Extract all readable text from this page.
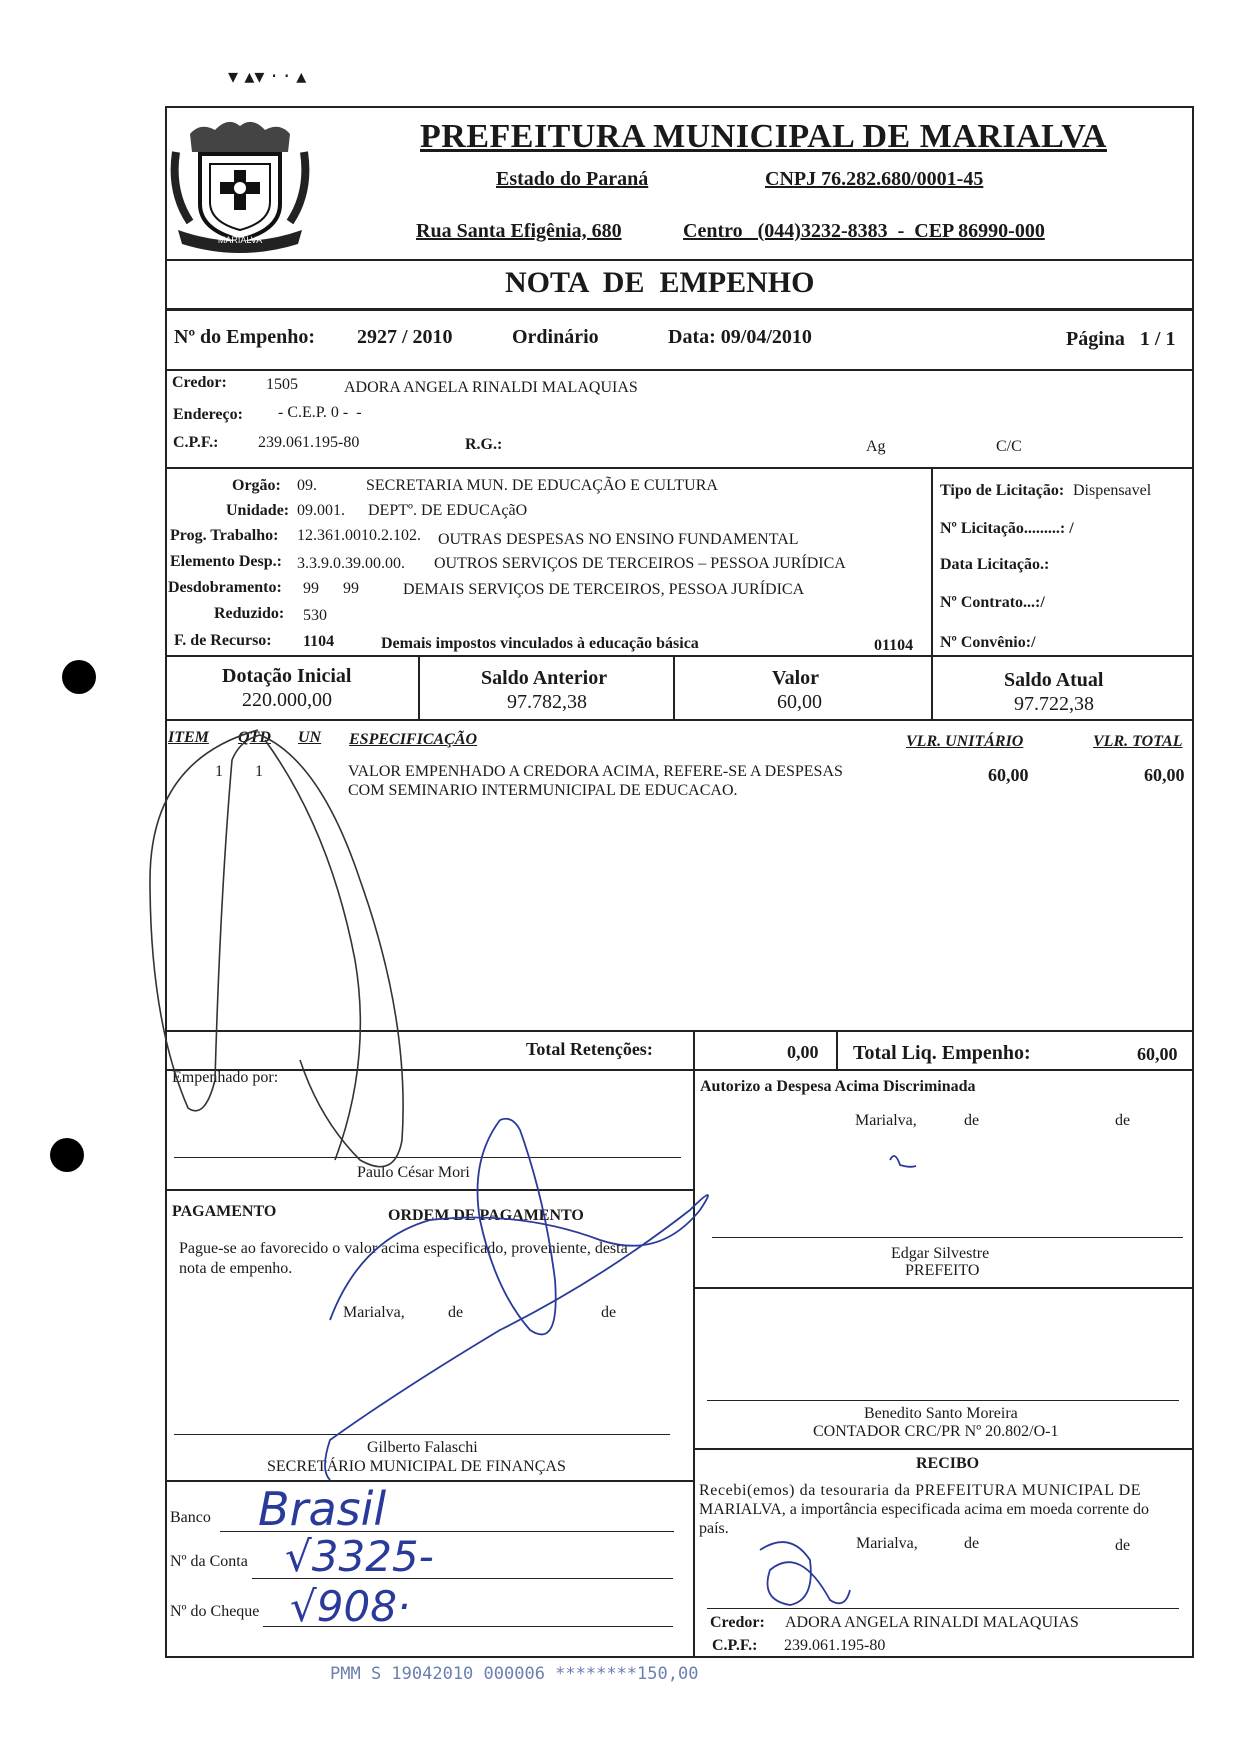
▾ ▴▾ · · ▴
MARIALVA
PREFEITURA MUNICIPAL DE MARIALVA
Estado do Paraná	CNPJ 76.282.680/0001-45
Rua Santa Efigênia, 680	Centro   (044)3232-8383  -  CEP 86990-000
NOTA  DE  EMPENHO
Nº do Empenho: 2927 / 2010	Ordinário	Data: 09/04/2010	Página   1 / 1
Credor: 1505	ADORA ANGELA RINALDI MALAQUIAS
Endereço: - C.E.P. 0 -  -
C.P.F.: 239.061.195-80	R.G.:	Ag	C/C
Orgão: 09.	SECRETARIA MUN. DE EDUCAÇÃO E CULTURA
Unidade: 09.001. DEPTº. DE EDUCAçãO
Prog. Trabalho: 12.361.0010.2.102. OUTRAS DESPESAS NO ENSINO FUNDAMENTAL
Elemento Desp.: 3.3.9.0.39.00.00. OUTROS SERVIÇOS DE TERCEIROS – PESSOA JURÍDICA
Desdobramento: 99      99	DEMAIS SERVIÇOS DE TERCEIROS, PESSOA JURÍDICA
Reduzido: 530
F. de Recurso: 1104	Demais impostos vinculados à educação básica	01104
Tipo de Licitação: Dispensavel
Nº Licitação.........: /
Data Licitação.:
Nº Contrato...:/
Nº Convênio:/
Dotação Inicial
220.000,00
Saldo Anterior
97.782,38
Valor
60,00
Saldo Atual
97.722,38
ITEM QTD UN ESPECIFICAÇÃO	VLR. UNITÁRIO	VLR. TOTAL
1 1	VALOR EMPENHADO A CREDORA ACIMA, REFERE-SE A DESPESAS
COM SEMINARIO INTERMUNICIPAL DE EDUCACAO.
60,00	60,00
Total Retenções:	0,00 Total Liq. Empenho:	60,00
Empenhado por:
Paulo César Mori
Autorizo a Despesa Acima Discriminada
Marialva,	de	de
Edgar Silvestre
PREFEITO
PAGAMENTO	ORDEM DE PAGAMENTO
Pague-se ao favorecido o valor acima especificado, proveniente, desta
nota de empenho.
Marialva,	de	de
Gilberto Falaschi
SECRETÁRIO MUNICIPAL DE FINANÇAS
Benedito Santo Moreira
CONTADOR CRC/PR Nº 20.802/O-1
Banco Brasil
Nº da Conta √3325-
Nº do Cheque √908·
RECIBO
Recebi(emos) da tesouraria da PREFEITURA MUNICIPAL DE
MARIALVA, a importância especificada acima em moeda corrente do
país.
Marialva,	de	de
Credor: ADORA ANGELA RINALDI MALAQUIAS
C.P.F.: 239.061.195-80
PMM S 19042010 000006 ********150,00
